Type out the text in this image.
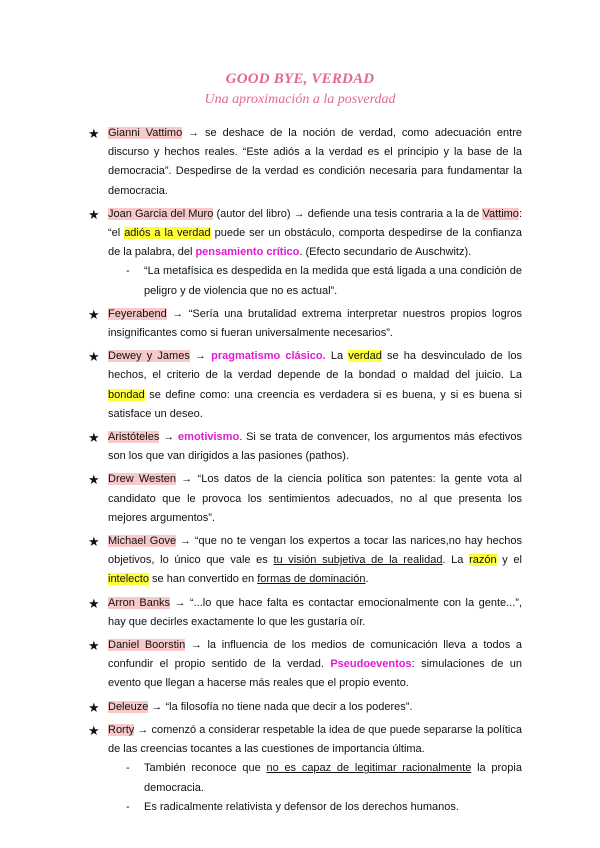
GOOD BYE, VERDAD
Una aproximación a la posverdad
★ Gianni Vattimo → se deshace de la noción de verdad, como adecuación entre discurso y hechos reales. “Este adiós a la verdad es el principio y la base de la democracia”. Despedirse de la verdad es condición necesaria para fundamentar la democracia.
★ Joan Garcia del Muro (autor del libro) → defiende una tesis contraria a la de Vattimo: “el adiós a la verdad puede ser un obstáculo, comporta despedirse de la confianza de la palabra, del pensamiento crítico. (Efecto secundario de Auschwitz).
- “La metafísica es despedida en la medida que está ligada a una condición de peligro y de violencia que no es actual”.
★ Feyerabend → “Sería una brutalidad extrema interpretar nuestros propios logros insignificantes como si fueran universalmente necesarios”.
★ Dewey y James → pragmatismo clásico. La verdad se ha desvinculado de los hechos, el criterio de la verdad depende de la bondad o maldad del juicio. La bondad se define como: una creencia es verdadera si es buena, y si es buena si satisface un deseo.
★ Aristóteles → emotivismo. Si se trata de convencer, los argumentos más efectivos son los que van dirigidos a las pasiones (pathos).
★ Drew Westen → “Los datos de la ciencia política son patentes: la gente vota al candidato que le provoca los sentimientos adecuados, no al que presenta los mejores argumentos”.
★ Michael Gove → “que no te vengan los expertos a tocar las narices,no hay hechos objetivos, lo único que vale es tu visión subjetiva de la realidad. La razón y el intelecto se han convertido en formas de dominación.
★ Arron Banks → “...lo que hace falta es contactar emocionalmente con la gente...”, hay que decirles exactamente lo que les gustaría oír.
★ Daniel Boorstin → la influencia de los medios de comunicación lleva a todos a confundir el propio sentido de la verdad. Pseudoeventos: simulaciones de un evento que llegan a hacerse más reales que el propio evento.
★ Deleuze → “la filosofía no tiene nada que decir a los poderes”.
★ Rorty → comenzó a considerar respetable la idea de que puede separarse la política de las creencias tocantes a las cuestiones de importancia última.
- También reconoce que no es capaz de legitimar racionalmente la propia democracia.
- Es radicalmente relativista y defensor de los derechos humanos.
